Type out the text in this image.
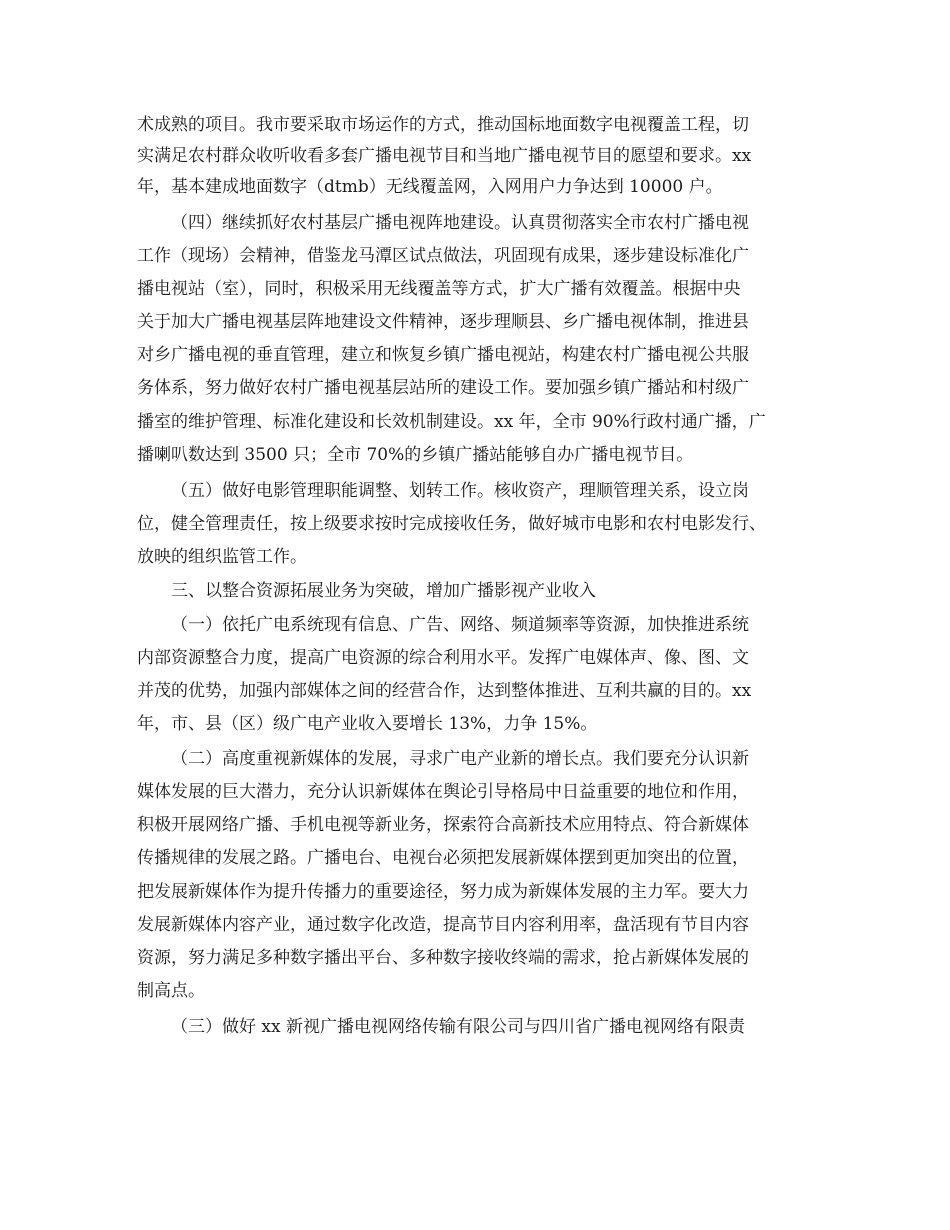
术成熟的项目。我市要采取市场运作的方式，推动国标地面数字电视覆盖工程，切
实满足农村群众收听收看多套广播电视节目和当地广播电视节目的愿望和要求。xx
年，基本建成地面数字（dtmb）无线覆盖网，入网用户力争达到 10000 户。
（四）继续抓好农村基层广播电视阵地建设。认真贯彻落实全市农村广播电视
工作（现场）会精神，借鉴龙马潭区试点做法，巩固现有成果，逐步建设标准化广
播电视站（室），同时，积极采用无线覆盖等方式，扩大广播有效覆盖。根据中央
关于加大广播电视基层阵地建设文件精神，逐步理顺县、乡广播电视体制，推进县
对乡广播电视的垂直管理，建立和恢复乡镇广播电视站，构建农村广播电视公共服
务体系，努力做好农村广播电视基层站所的建设工作。要加强乡镇广播站和村级广
播室的维护管理、标准化建设和长效机制建设。xx 年，全市 90%行政村通广播，广
播喇叭数达到 3500 只；全市 70%的乡镇广播站能够自办广播电视节目。
（五）做好电影管理职能调整、划转工作。核收资产，理顺管理关系，设立岗
位，健全管理责任，按上级要求按时完成接收任务，做好城市电影和农村电影发行、
放映的组织监管工作。
三、以整合资源拓展业务为突破，增加广播影视产业收入
（一）依托广电系统现有信息、广告、网络、频道频率等资源，加快推进系统
内部资源整合力度，提高广电资源的综合利用水平。发挥广电媒体声、像、图、文
并茂的优势，加强内部媒体之间的经营合作，达到整体推进、互利共赢的目的。xx
年，市、县（区）级广电产业收入要增长 13%，力争 15%。
（二）高度重视新媒体的发展，寻求广电产业新的增长点。我们要充分认识新
媒体发展的巨大潜力，充分认识新媒体在舆论引导格局中日益重要的地位和作用，
积极开展网络广播、手机电视等新业务，探索符合高新技术应用特点、符合新媒体
传播规律的发展之路。广播电台、电视台必须把发展新媒体摆到更加突出的位置，
把发展新媒体作为提升传播力的重要途径，努力成为新媒体发展的主力军。要大力
发展新媒体内容产业，通过数字化改造，提高节目内容利用率，盘活现有节目内容
资源，努力满足多种数字播出平台、多种数字接收终端的需求，抢占新媒体发展的
制高点。
（三）做好 xx 新视广播电视网络传输有限公司与四川省广播电视网络有限责
